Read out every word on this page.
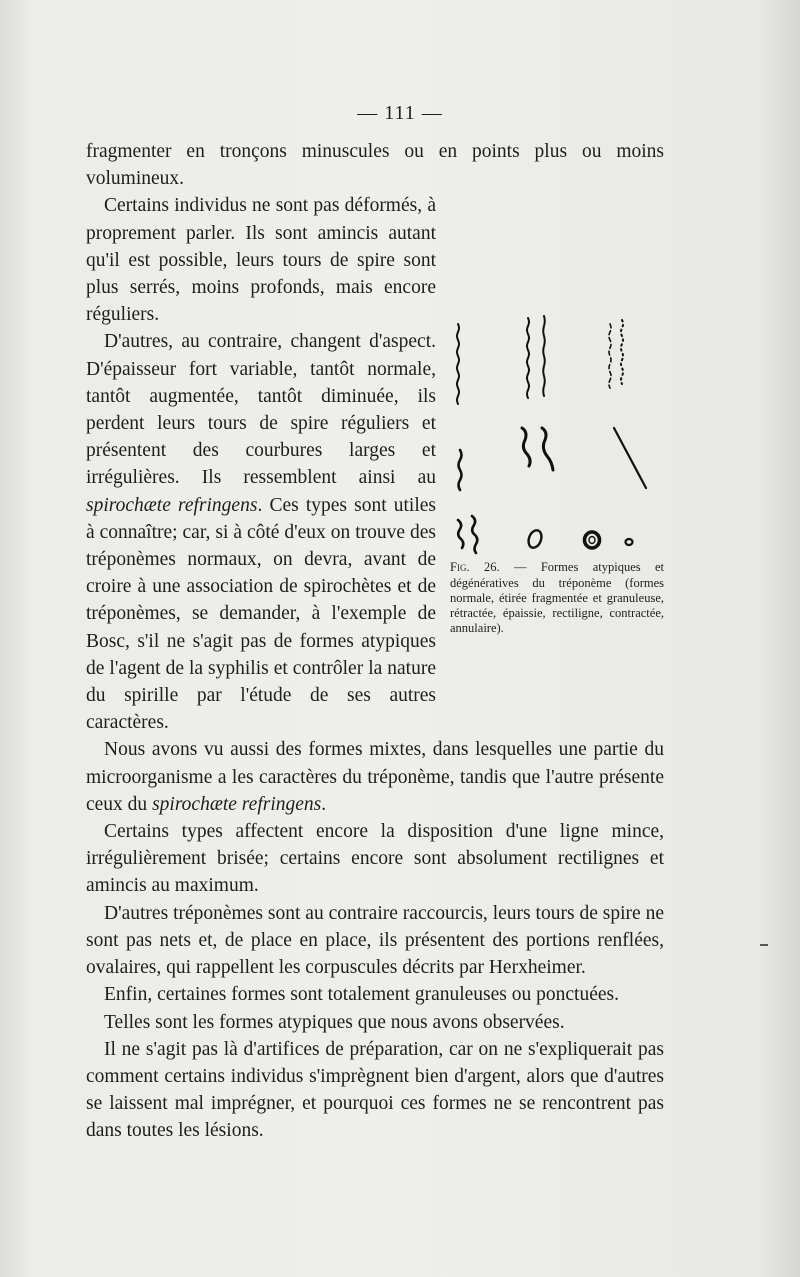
— 111 —

fragmenter en tronçons minuscules ou en points plus ou moins volumineux.

Fig. 26. — Formes atypiques et dégénératives du tréponème (formes normale, étirée fragmentée et granuleuse, rétractée, épaissie, rectiligne, contractée, annulaire).

Certains individus ne sont pas déformés, à proprement parler. Ils sont amincis autant qu'il est possible, leurs tours de spire sont plus serrés, moins profonds, mais encore réguliers.

D'autres, au contraire, changent d'aspect. D'épaisseur fort variable, tantôt normale, tantôt augmentée, tantôt diminuée, ils perdent leurs tours de spire réguliers et présentent des courbures larges et irrégulières. Ils ressemblent ainsi au spirochæte refringens. Ces types sont utiles à connaître; car, si à côté d'eux on trouve des tréponèmes normaux, on devra, avant de croire à une association de spirochètes et de tréponèmes, se demander, à l'exemple de Bosc, s'il ne s'agit pas de formes atypiques de l'agent de la syphilis et contrôler la nature du spirille par l'étude de ses autres caractères.

Nous avons vu aussi des formes mixtes, dans lesquelles une partie du microorganisme a les caractères du tréponème, tandis que l'autre présente ceux du spirochæte refringens.

Certains types affectent encore la disposition d'une ligne mince, irrégulièrement brisée; certains encore sont absolument rectilignes et amincis au maximum.

D'autres tréponèmes sont au contraire raccourcis, leurs tours de spire ne sont pas nets et, de place en place, ils présentent des portions renflées, ovalaires, qui rappellent les corpuscules décrits par Herxheimer.

Enfin, certaines formes sont totalement granuleuses ou ponctuées.

Telles sont les formes atypiques que nous avons observées.

Il ne s'agit pas là d'artifices de préparation, car on ne s'expliquerait pas comment certains individus s'imprègnent bien d'argent, alors que d'autres se laissent mal imprégner, et pourquoi ces formes ne se rencontrent pas dans toutes les lésions.
